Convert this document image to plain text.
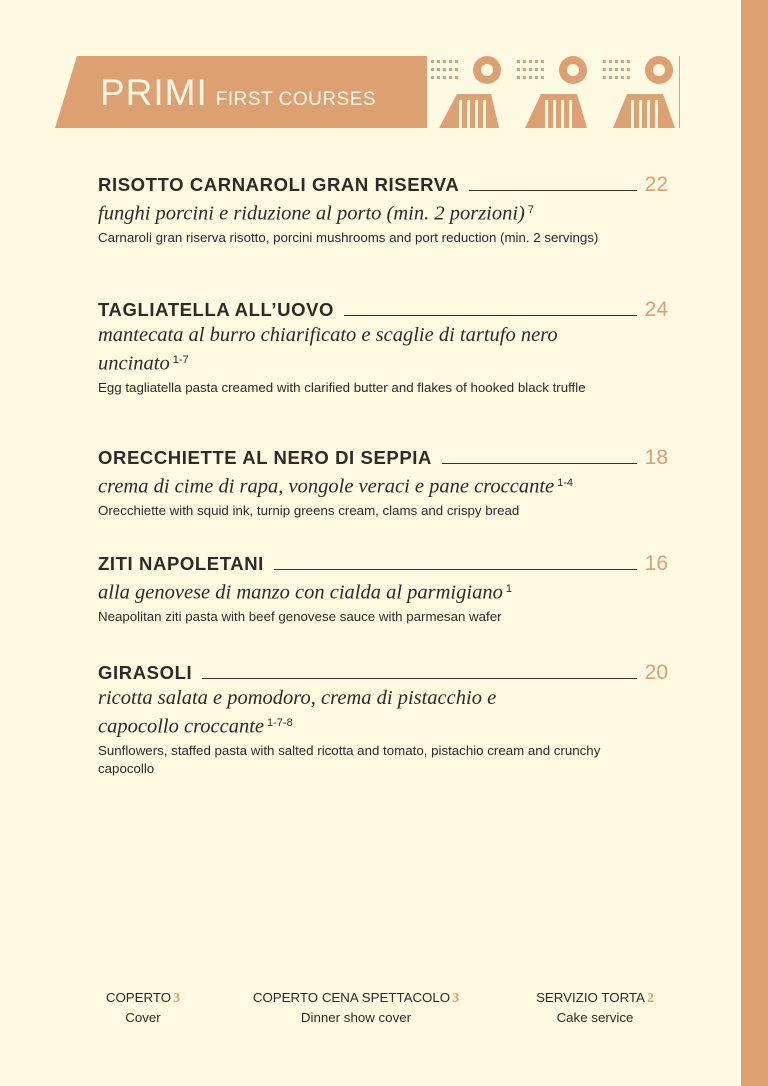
PRIMI FIRST COURSES
RISOTTO CARNAROLI GRAN RISERVA	22
funghi porcini e riduzione al porto (min. 2 porzioni) $^7$
Carnaroli gran riserva risotto, porcini mushrooms and port reduction (min. 2 servings)
TAGLIATELLA ALL’UOVO	24
mantecata al burro chiarificato e scaglie di tartufo nero uncinato $^{1-7}$
Egg tagliatella pasta creamed with clarified butter and flakes of hooked black truffle
ORECCHIETTE AL NERO DI SEPPIA	18
crema di cime di rapa, vongole veraci e pane croccante $^{1-4}$
Orecchiette with squid ink, turnip greens cream, clams and crispy bread
ZITI NAPOLETANI	16
alla genovese di manzo con cialda al parmigiano $^1$
Neapolitan ziti pasta with beef genovese sauce with parmesan wafer
GIRASOLI	20
ricotta salata e pomodoro, crema di pistacchio e capocollo croccante $^{1-7-8}$
Sunflowers, staffed pasta with salted ricotta and tomato, pistachio cream and crunchy capocollo
COPERTO 3
Cover
COPERTO CENA SPETTACOLO 3
Dinner show cover
SERVIZIO TORTA 2
Cake service
